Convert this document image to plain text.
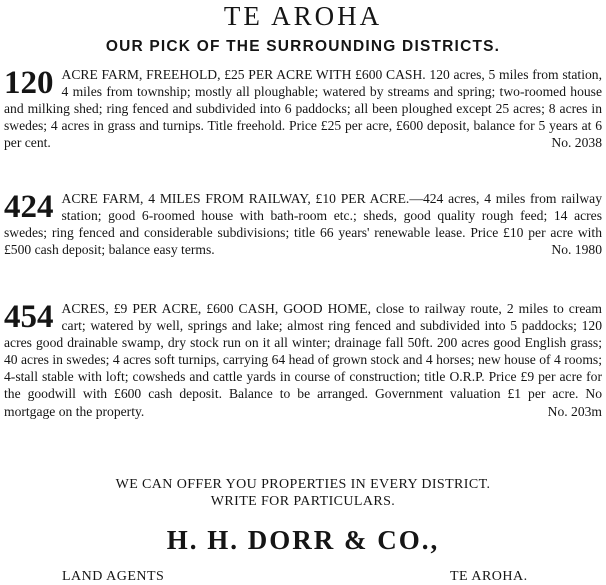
TE AROHA
OUR PICK OF THE SURROUNDING DISTRICTS.
120 ACRE FARM, FREEHOLD, £25 PER ACRE WITH £600 CASH. 120 acres, 5 miles from station, 4 miles from township; mostly all ploughable; watered by streams and spring; two-roomed house and milking shed; ring fenced and subdivided into 6 paddocks; all been ploughed except 25 acres; 8 acres in swedes; 4 acres in grass and turnips. Title freehold. Price £25 per acre, £600 deposit, balance for 5 years at 6 per cent.	No. 2038
424 ACRE FARM, 4 MILES FROM RAILWAY, £10 PER ACRE.—424 acres, 4 miles from railway station; good 6-roomed house with bath-room etc.; sheds, good quality rough feed; 14 acres swedes; ring fenced and considerable subdivisions; title 66 years' renewable lease. Price £10 per acre with £500 cash deposit; balance easy terms.	No. 1980
454 ACRES, £9 PER ACRE, £600 CASH, GOOD HOME, close to railway route, 2 miles to cream cart; watered by well, springs and lake; almost ring fenced and subdivided into 5 paddocks; 120 acres good drainable swamp, dry stock run on it all winter; drainage fall 50ft. 200 acres good English grass; 40 acres in swedes; 4 acres soft turnips, carrying 64 head of grown stock and 4 horses; new house of 4 rooms; 4-stall stable with loft; cowsheds and cattle yards in course of construction; title O.R.P. Price £9 per acre for the goodwill with £600 cash deposit. Balance to be arranged. Government valuation £1 per acre. No mortgage on the property.	No. 203m
WE CAN OFFER YOU PROPERTIES IN EVERY DISTRICT.
WRITE FOR PARTICULARS.
H. H. DORR & CO.,
LAND AGENTS	TE AROHA.
